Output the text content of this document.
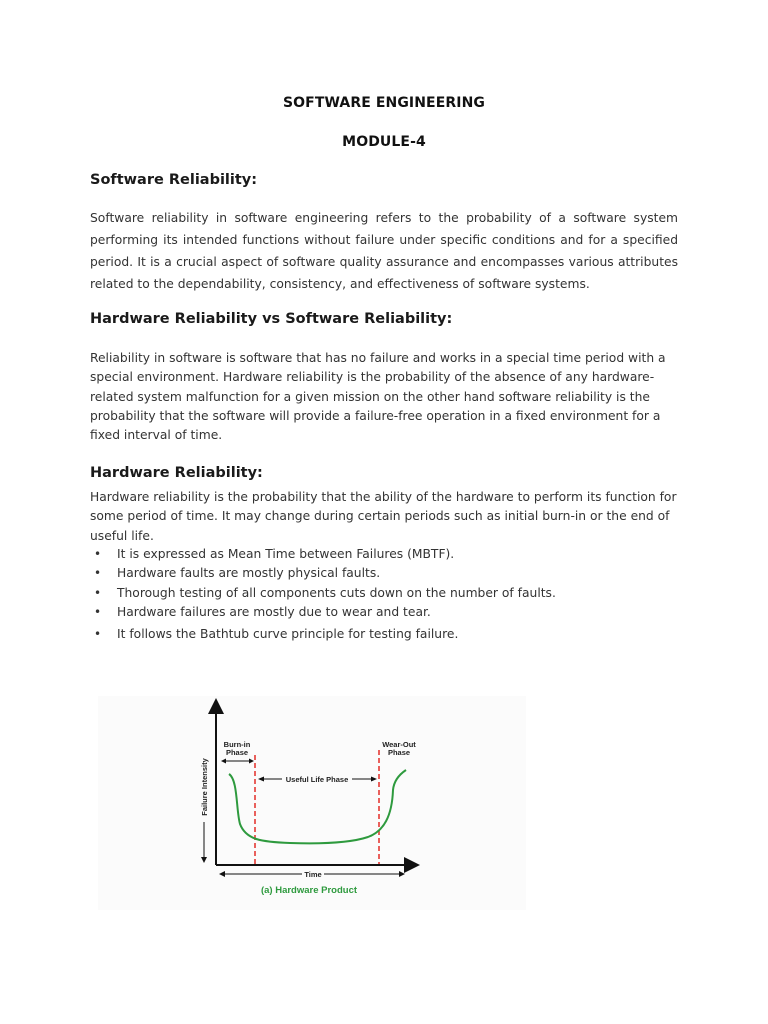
SOFTWARE ENGINEERING
MODULE-4
Software Reliability:

Software reliability in software engineering refers to the probability of a software system performing its intended functions without failure under specific conditions and for a specified period. It is a crucial aspect of software quality assurance and encompasses various attributes related to the dependability, consistency, and effectiveness of software systems.

Hardware Reliability vs Software Reliability:

Reliability in software is software that has no failure and works in a special time period with a special environment. Hardware reliability is the probability of the absence of any hardware-related system malfunction for a given mission on the other hand software reliability is the probability that the software will provide a failure-free operation in a fixed environment for a fixed interval of time.

Hardware Reliability:

Hardware reliability is the probability that the ability of the hardware to perform its function for some period of time. It may change during certain periods such as initial burn-in or the end of useful life.

• It is expressed as Mean Time between Failures (MBTF).
• Hardware faults are mostly physical faults.
• Thorough testing of all components cuts down on the number of faults.
• Hardware failures are mostly due to wear and tear.
• It follows the Bathtub curve principle for testing failure.
Failure Intensity
Time
Burn-in
Phase
Useful Life Phase
Wear-Out
Phase
(a) Hardware Product
